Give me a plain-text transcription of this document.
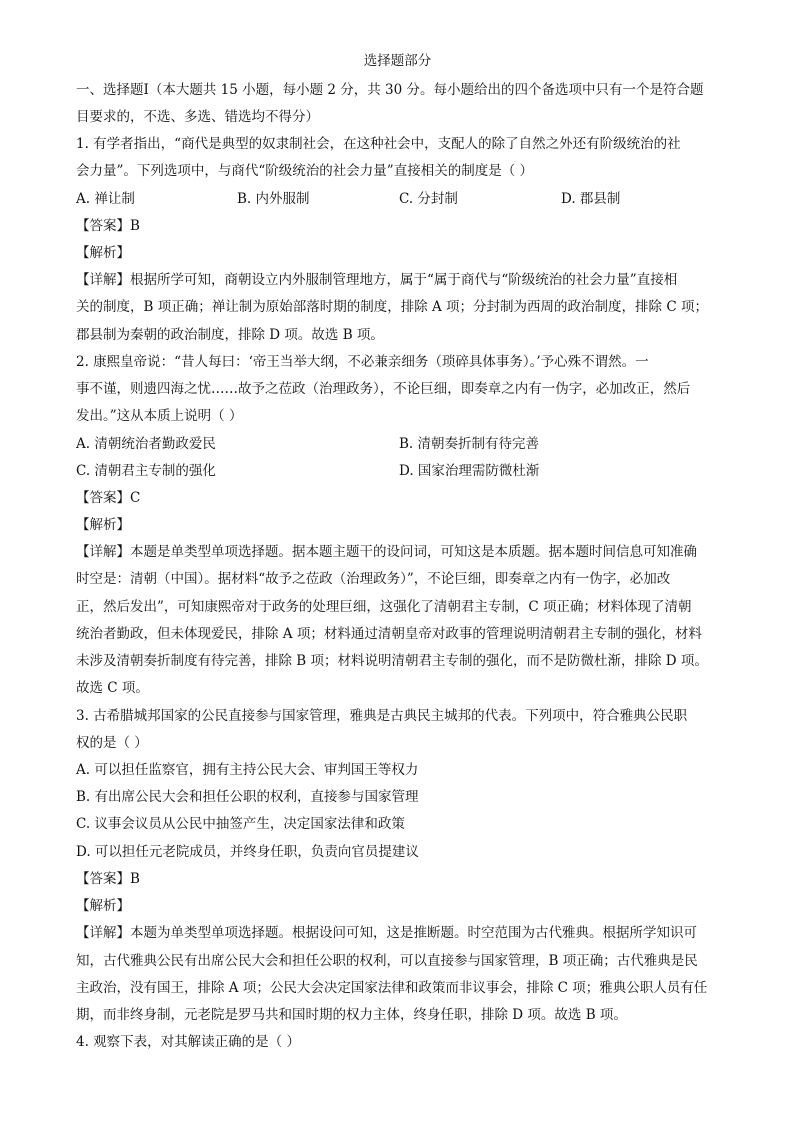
选择题部分
一、选择题Ⅰ（本大题共 15 小题，每小题 2 分，共 30 分。每小题给出的四个备选项中只有一个是符合题
目要求的，不选、多选、错选均不得分）
1. 有学者指出，“商代是典型的奴隶制社会，在这种社会中，支配人的除了自然之外还有阶级统治的社
会力量”。下列选项中，与商代“阶级统治的社会力量”直接相关的制度是（ ）
A. 禅让制	B. 内外服制	C. 分封制	D. 郡县制
【答案】B
【解析】
【详解】根据所学可知，商朝设立内外服制管理地方，属于“属于商代与“阶级统治的社会力量”直接相
关的制度，B 项正确；禅让制为原始部落时期的制度，排除 A 项；分封制为西周的政治制度，排除 C 项；
郡县制为秦朝的政治制度，排除 D 项。故选 B 项。
2. 康熙皇帝说：“昔人每曰：‘帝王当举大纲，不必兼亲细务（琐碎具体事务）。’予心殊不谓然。一
事不谨，则遗四海之忧……故予之莅政（治理政务），不论巨细，即奏章之内有一伪字，必加改正，然后
发出。”这从本质上说明（ ）
A. 清朝统治者勤政爱民	B. 清朝奏折制有待完善
C. 清朝君主专制的强化	D. 国家治理需防微杜渐
【答案】C
【解析】
【详解】本题是单类型单项选择题。据本题主题干的设问词，可知这是本质题。据本题时间信息可知准确
时空是：清朝（中国）。据材料“故予之莅政（治理政务）”，不论巨细，即奏章之内有一伪字，必加改
正，然后发出”，可知康熙帝对于政务的处理巨细，这强化了清朝君主专制，C 项正确；材料体现了清朝
统治者勤政，但未体现爱民，排除 A 项；材料通过清朝皇帝对政事的管理说明清朝君主专制的强化，材料
未涉及清朝奏折制度有待完善，排除 B 项；材料说明清朝君主专制的强化，而不是防微杜渐，排除 D 项。
故选 C 项。
3. 古希腊城邦国家的公民直接参与国家管理，雅典是古典民主城邦的代表。下列项中，符合雅典公民职
权的是（ ）
A. 可以担任监察官，拥有主持公民大会、审判国王等权力
B. 有出席公民大会和担任公职的权利，直接参与国家管理
C. 议事会议员从公民中抽签产生，决定国家法律和政策
D. 可以担任元老院成员，并终身任职，负责向官员提建议
【答案】B
【解析】
【详解】本题为单类型单项选择题。根据设问可知，这是推断题。时空范围为古代雅典。根据所学知识可
知，古代雅典公民有出席公民大会和担任公职的权利，可以直接参与国家管理，B 项正确；古代雅典是民
主政治，没有国王，排除 A 项；公民大会决定国家法律和政策而非议事会，排除 C 项；雅典公职人员有任
期，而非终身制，元老院是罗马共和国时期的权力主体，终身任职，排除 D 项。故选 B 项。
4. 观察下表，对其解读正确的是（ ）
